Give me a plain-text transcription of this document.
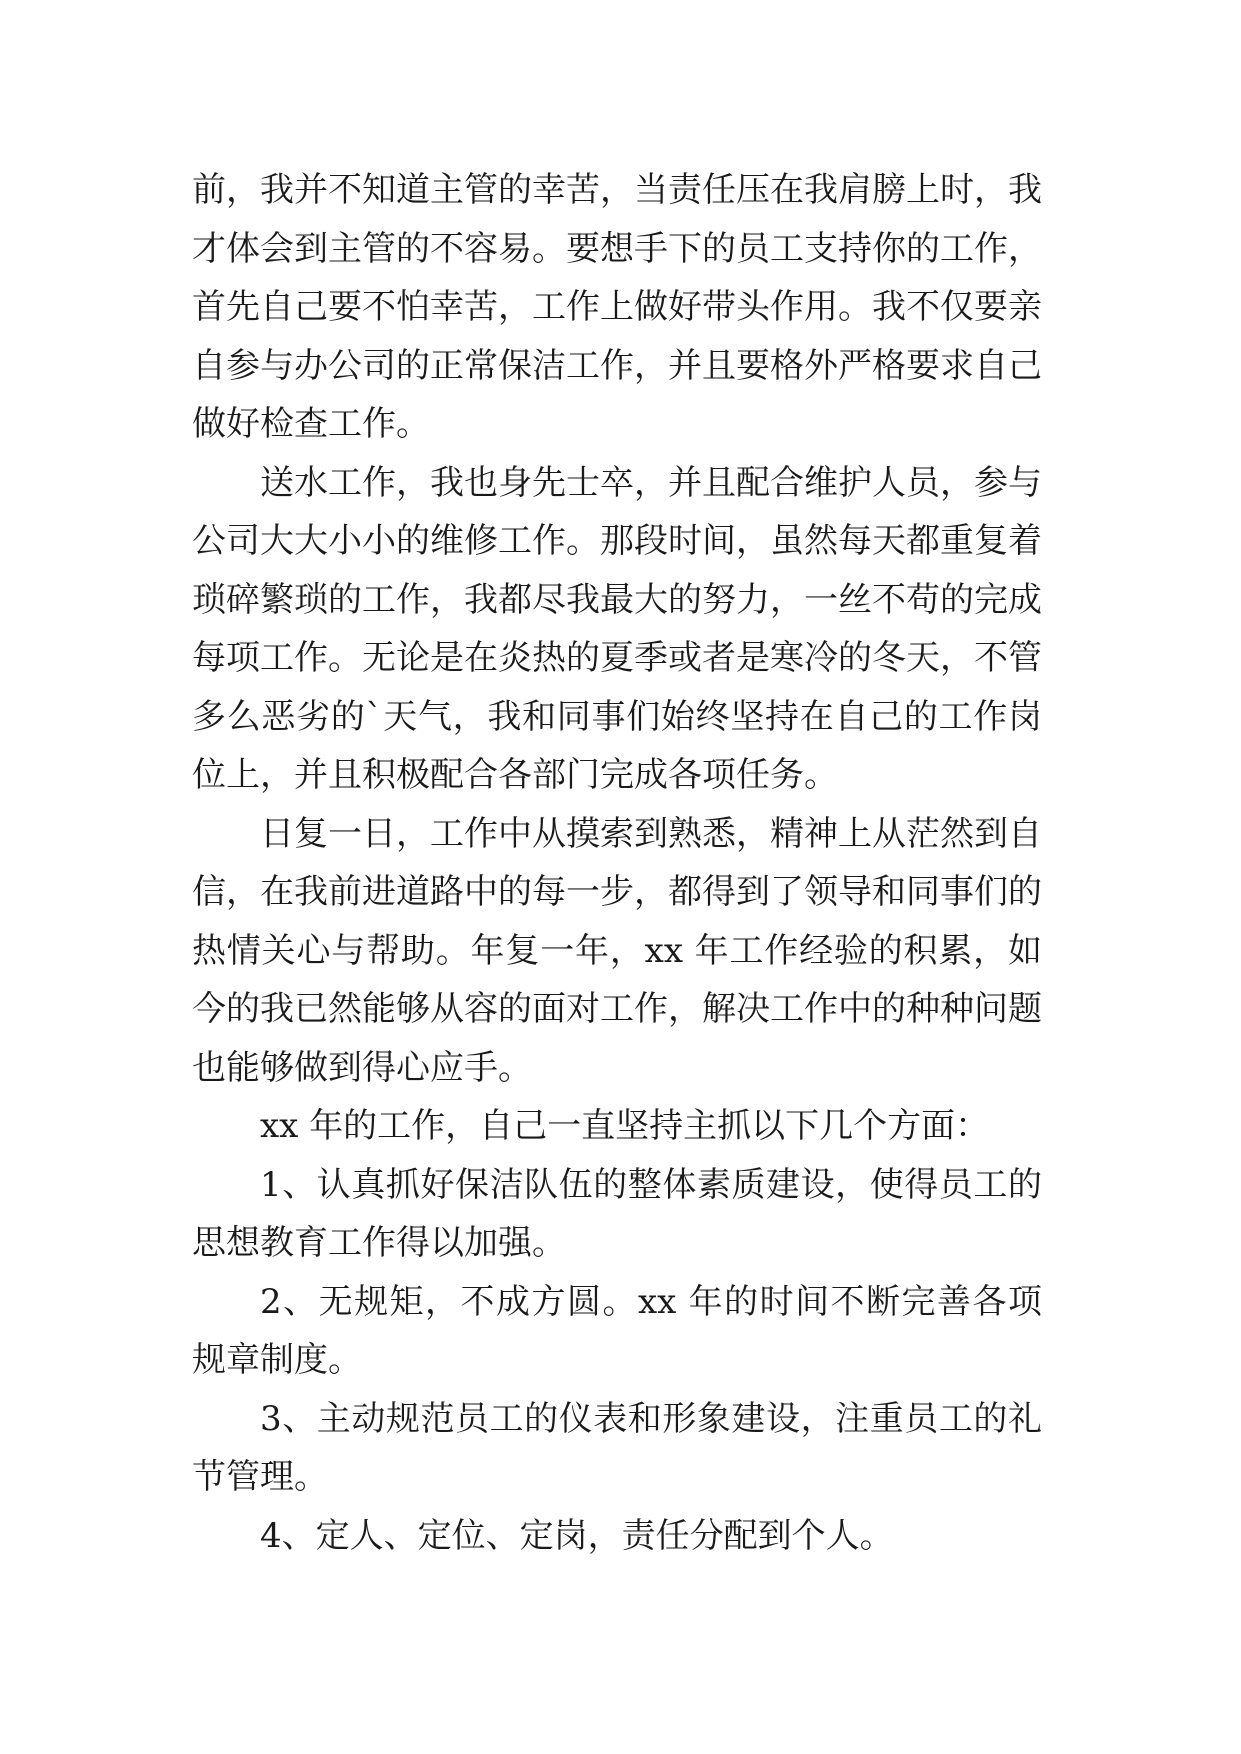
前，我并不知道主管的幸苦，当责任压在我肩膀上时，我才体会到主管的不容易。要想手下的员工支持你的工作，首先自己要不怕幸苦，工作上做好带头作用。我不仅要亲自参与办公司的正常保洁工作，并且要格外严格要求自己做好检查工作。

送水工作，我也身先士卒，并且配合维护人员，参与公司大大小小的维修工作。那段时间，虽然每天都重复着琐碎繁琐的工作，我都尽我最大的努力，一丝不苟的完成每项工作。无论是在炎热的夏季或者是寒冷的冬天，不管多么恶劣的`天气，我和同事们始终坚持在自己的工作岗位上，并且积极配合各部门完成各项任务。

日复一日，工作中从摸索到熟悉，精神上从茫然到自信，在我前进道路中的每一步，都得到了领导和同事们的热情关心与帮助。年复一年，xx 年工作经验的积累，如今的我已然能够从容的面对工作，解决工作中的种种问题也能够做到得心应手。

xx 年的工作，自己一直坚持主抓以下几个方面：

1、认真抓好保洁队伍的整体素质建设，使得员工的思想教育工作得以加强。

2、无规矩，不成方圆。xx 年的时间不断完善各项规章制度。

3、主动规范员工的仪表和形象建设，注重员工的礼节管理。

4、定人、定位、定岗，责任分配到个人。
